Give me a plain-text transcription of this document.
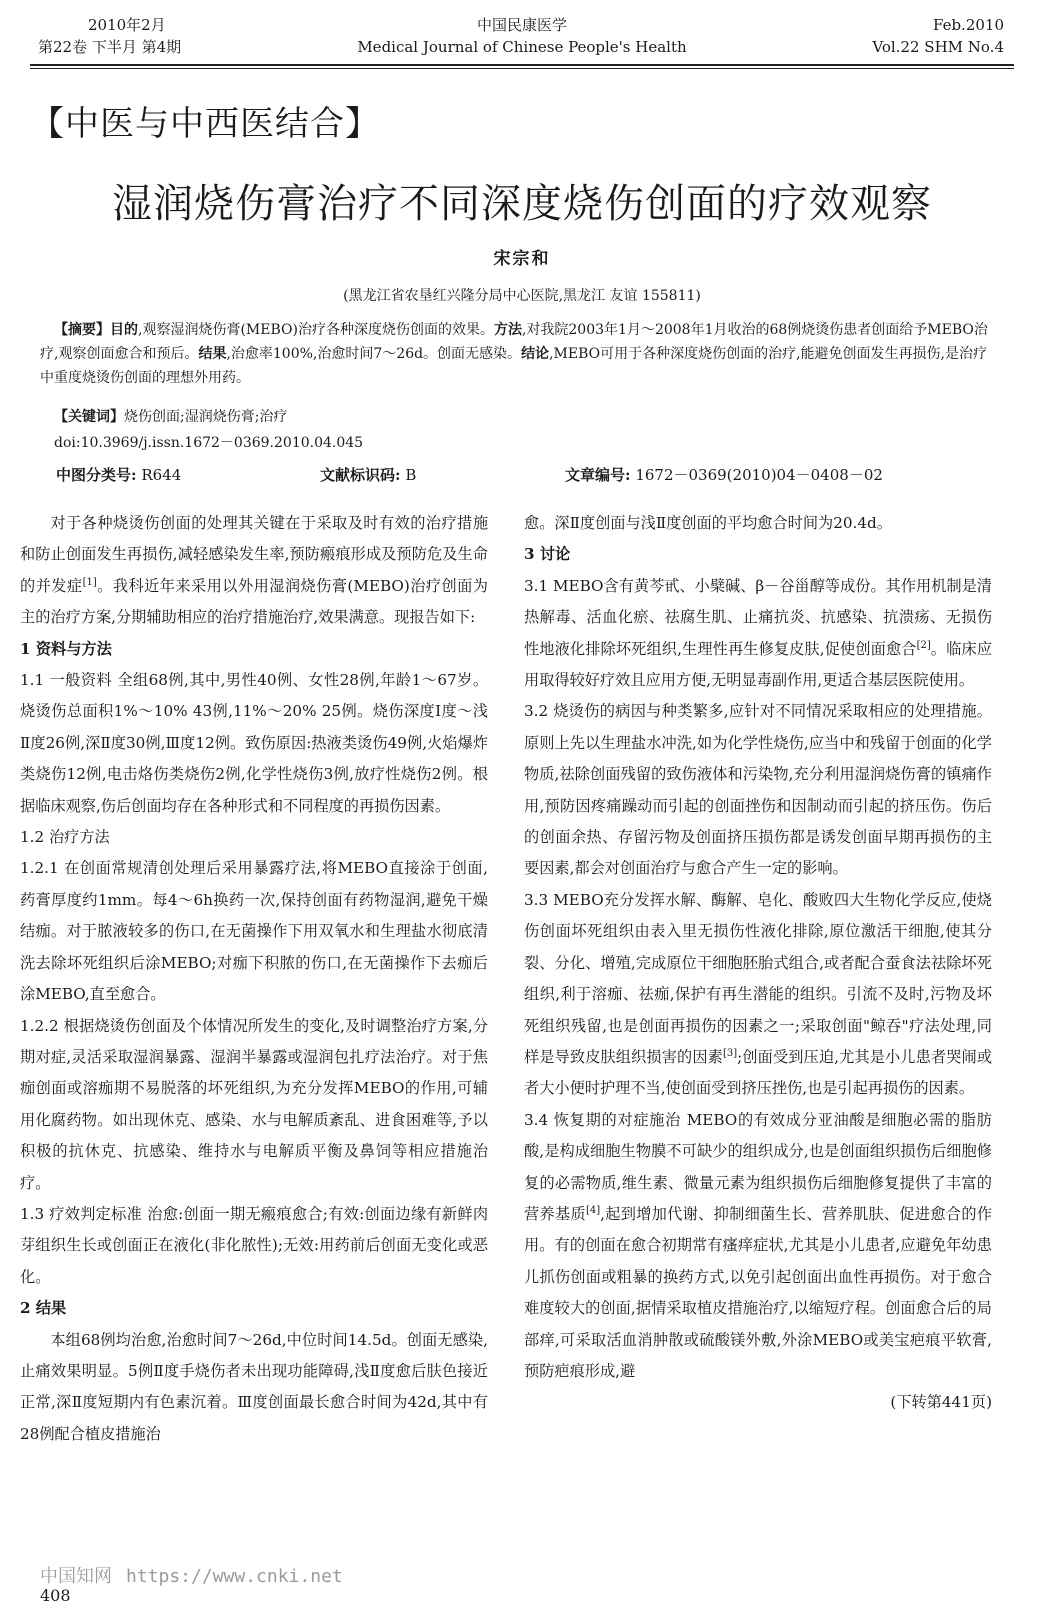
2010年2月
第22卷 下半月 第4期
中国民康医学
Medical Journal of Chinese People's Health
Feb.2010
Vol.22 SHM No.4
【中医与中西医结合】
湿润烧伤膏治疗不同深度烧伤创面的疗效观察
宋宗和
(黑龙江省农垦红兴隆分局中心医院,黑龙江 友谊 155811)

【摘要】目的,观察湿润烧伤膏(MEBO)治疗各种深度烧伤创面的效果。方法,对我院2003年1月～2008年1月收治的68例烧烫伤患者创面给予MEBO治疗,观察创面愈合和预后。结果,治愈率100%,治愈时间7～26d。创面无感染。结论,MEBO可用于各种深度烧伤创面的治疗,能避免创面发生再损伤,是治疗中重度烧烫伤创面的理想外用药。

【关键词】烧伤创面;湿润烧伤膏;治疗
doi:10.3969/j.issn.1672－0369.2010.04.045
中图分类号: R644	文献标识码: B	文章编号: 1672－0369(2010)04－0408－02

对于各种烧烫伤创面的处理其关键在于采取及时有效的治疗措施和防止创面发生再损伤,减轻感染发生率,预防瘢痕形成及预防危及生命的并发症[1]。我科近年来采用以外用湿润烧伤膏(MEBO)治疗创面为主的治疗方案,分期辅助相应的治疗措施治疗,效果满意。现报告如下:

1 资料与方法

1.1 一般资料 全组68例,其中,男性40例、女性28例,年龄1～67岁。烧烫伤总面积1%～10% 43例,11%～20% 25例。烧伤深度Ⅰ度～浅Ⅱ度26例,深Ⅱ度30例,Ⅲ度12例。致伤原因:热液类烫伤49例,火焰爆炸类烧伤12例,电击烙伤类烧伤2例,化学性烧伤3例,放疗性烧伤2例。根据临床观察,伤后创面均存在各种形式和不同程度的再损伤因素。

1.2 治疗方法

1.2.1 在创面常规清创处理后采用暴露疗法,将MEBO直接涂于创面,药膏厚度约1mm。每4～6h换药一次,保持创面有药物湿润,避免干燥结痂。对于脓液较多的伤口,在无菌操作下用双氧水和生理盐水彻底清洗去除坏死组织后涂MEBO;对痂下积脓的伤口,在无菌操作下去痂后涂MEBO,直至愈合。

1.2.2 根据烧烫伤创面及个体情况所发生的变化,及时调整治疗方案,分期对症,灵活采取湿润暴露、湿润半暴露或湿润包扎疗法治疗。对于焦痂创面或溶痂期不易脱落的坏死组织,为充分发挥MEBO的作用,可辅用化腐药物。如出现休克、感染、水与电解质紊乱、进食困难等,予以积极的抗休克、抗感染、维持水与电解质平衡及鼻饲等相应措施治疗。

1.3 疗效判定标准 治愈:创面一期无瘢痕愈合;有效:创面边缘有新鲜肉芽组织生长或创面正在液化(非化脓性);无效:用药前后创面无变化或恶化。

2 结果

本组68例均治愈,治愈时间7～26d,中位时间14.5d。创面无感染,止痛效果明显。5例Ⅱ度手烧伤者未出现功能障碍,浅Ⅱ度愈后肤色接近正常,深Ⅱ度短期内有色素沉着。Ⅲ度创面最长愈合时间为42d,其中有28例配合植皮措施治

愈。深Ⅱ度创面与浅Ⅱ度创面的平均愈合时间为20.4d。

3 讨论

3.1 MEBO含有黄芩甙、小檗碱、β－谷甾醇等成份。其作用机制是清热解毒、活血化瘀、祛腐生肌、止痛抗炎、抗感染、抗溃疡、无损伤性地液化排除坏死组织,生理性再生修复皮肤,促使创面愈合[2]。临床应用取得较好疗效且应用方便,无明显毒副作用,更适合基层医院使用。

3.2 烧烫伤的病因与种类繁多,应针对不同情况采取相应的处理措施。原则上先以生理盐水冲洗,如为化学性烧伤,应当中和残留于创面的化学物质,祛除创面残留的致伤液体和污染物,充分利用湿润烧伤膏的镇痛作用,预防因疼痛躁动而引起的创面挫伤和因制动而引起的挤压伤。伤后的创面余热、存留污物及创面挤压损伤都是诱发创面早期再损伤的主要因素,都会对创面治疗与愈合产生一定的影响。

3.3 MEBO充分发挥水解、酶解、皂化、酸败四大生物化学反应,使烧伤创面坏死组织由表入里无损伤性液化排除,原位激活干细胞,使其分裂、分化、增殖,完成原位干细胞胚胎式组合,或者配合蚕食法祛除坏死组织,利于溶痂、祛痂,保护有再生潜能的组织。引流不及时,污物及坏死组织残留,也是创面再损伤的因素之一;采取创面"鲸吞"疗法处理,同样是导致皮肤组织损害的因素[3];创面受到压迫,尤其是小儿患者哭闹或者大小便时护理不当,使创面受到挤压挫伤,也是引起再损伤的因素。

3.4 恢复期的对症施治 MEBO的有效成分亚油酸是细胞必需的脂肪酸,是构成细胞生物膜不可缺少的组织成分,也是创面组织损伤后细胞修复的必需物质,维生素、微量元素为组织损伤后细胞修复提供了丰富的营养基质[4],起到增加代谢、抑制细菌生长、营养肌肤、促进愈合的作用。有的创面在愈合初期常有瘙痒症状,尤其是小儿患者,应避免年幼患儿抓伤创面或粗暴的换药方式,以免引起创面出血性再损伤。对于愈合难度较大的创面,据情采取植皮措施治疗,以缩短疗程。创面愈合后的局部痒,可采取活血消肿散或硫酸镁外敷,外涂MEBO或美宝疤痕平软膏,预防疤痕形成,避

(下转第441页)

中国知网 https://www.cnki.net
408
